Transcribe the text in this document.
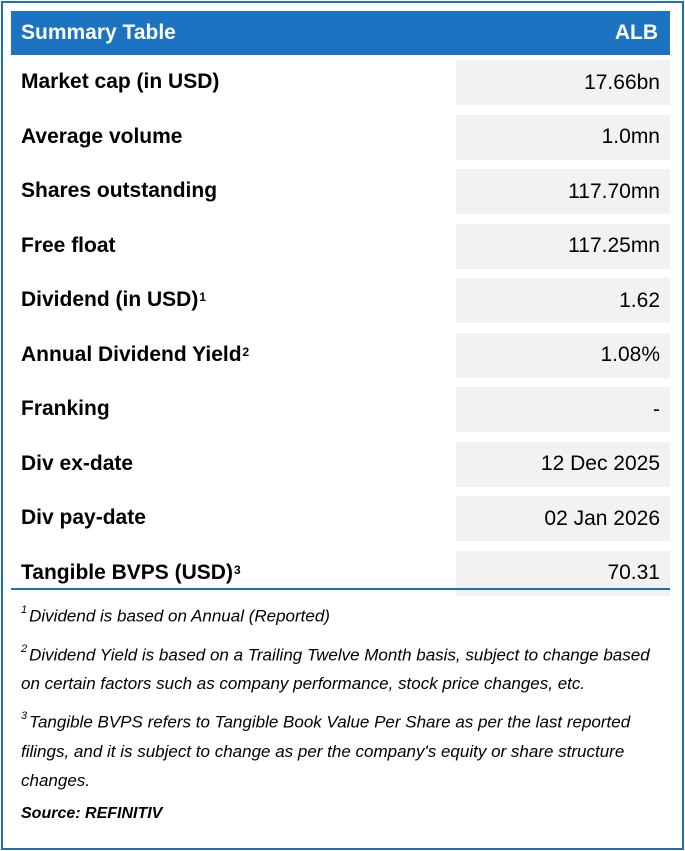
Summary Table	ALB
Market cap (in USD)	17.66bn
Average volume	1.0mn
Shares outstanding	117.70mn
Free float	117.25mn
Dividend (in USD)$^1$	1.62
Annual Dividend Yield$^2$	1.08%
Franking	-
Div ex-date	12 Dec 2025
Div pay-date	02 Jan 2026
Tangible BVPS (USD)$^3$	70.31

$^1$ Dividend is based on Annual (Reported)

$^2$ Dividend Yield is based on a Trailing Twelve Month basis, subject to change based on certain factors such as company performance, stock price changes, etc.

$^3$ Tangible BVPS refers to Tangible Book Value Per Share as per the last reported filings, and it is subject to change as per the company's equity or share structure changes.

Source: REFINITIV
